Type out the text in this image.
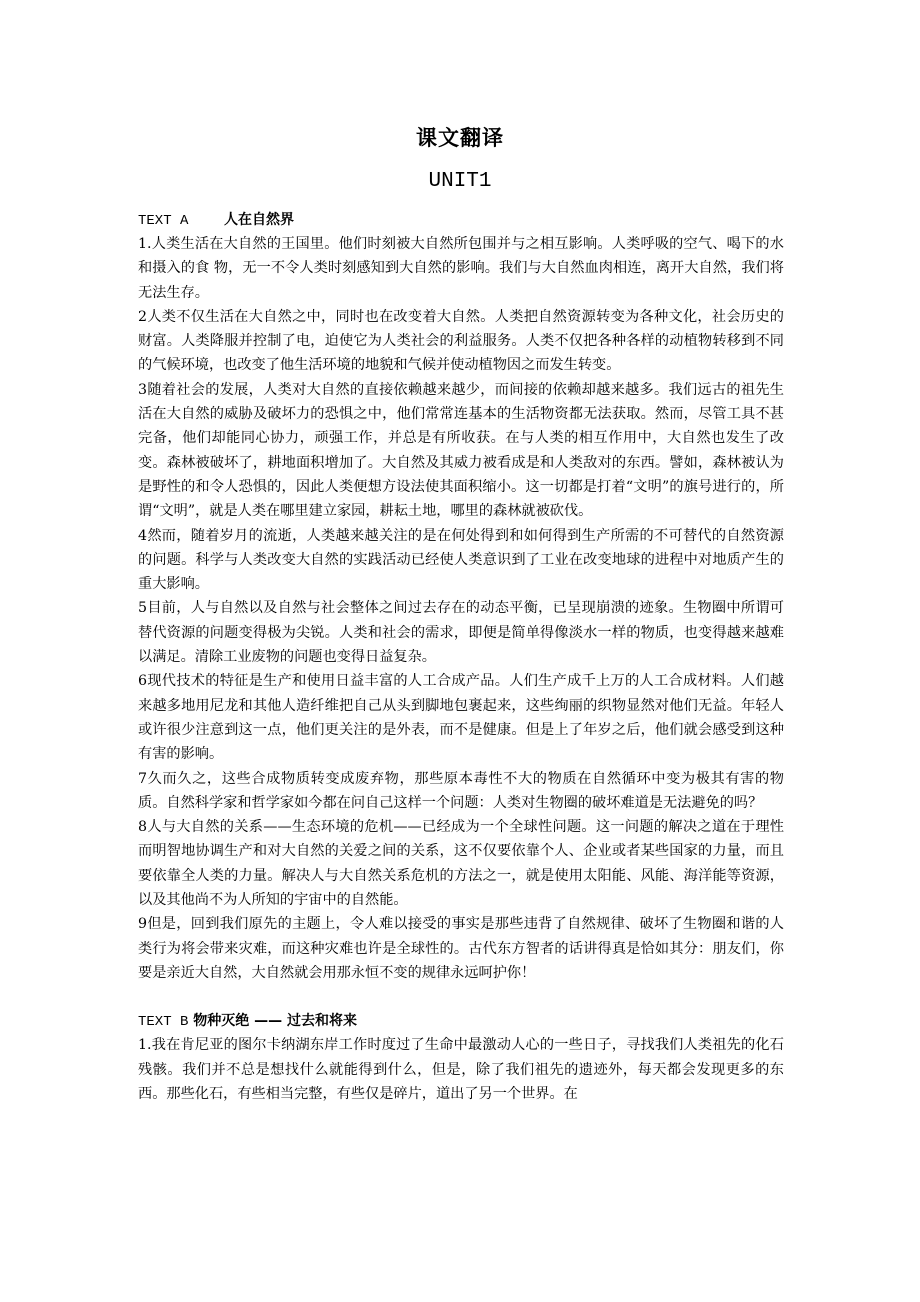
课文翻译
UNIT1
TEXT A	人在自然界

1.人类生活在大自然的王国里。他们时刻被大自然所包围并与之相互影响。人类呼吸的空气、喝下的水和摄入的食 物，无一不令人类时刻感知到大自然的影响。我们与大自然血肉相连，离开大自然，我们将无法生存。

2人类不仅生活在大自然之中，同时也在改变着大自然。人类把自然资源转变为各种文化，社会历史的财富。人类降服并控制了电，迫使它为人类社会的利益服务。人类不仅把各种各样的动植物转移到不同的气候环境，也改变了他生活环境的地貌和气候并使动植物因之而发生转变。

3随着社会的发展，人类对大自然的直接依赖越来越少，而间接的依赖却越来越多。我们远古的祖先生活在大自然的威胁及破坏力的恐惧之中，他们常常连基本的生活物资都无法获取。然而，尽管工具不甚完备，他们却能同心协力，顽强工作，并总是有所收获。在与人类的相互作用中，大自然也发生了改变。森林被破坏了，耕地面积增加了。大自然及其威力被看成是和人类敌对的东西。譬如，森林被认为是野性的和令人恐惧的，因此人类便想方设法使其面积缩小。这一切都是打着“文明”的旗号进行的，所谓“文明”，就是人类在哪里建立家园，耕耘土地，哪里的森林就被砍伐。

4然而，随着岁月的流逝，人类越来越关注的是在何处得到和如何得到生产所需的不可替代的自然资源的问题。科学与人类改变大自然的实践活动已经使人类意识到了工业在改变地球的进程中对地质产生的重大影响。

5目前，人与自然以及自然与社会整体之间过去存在的动态平衡，已呈现崩溃的迹象。生物圈中所谓可替代资源的问题变得极为尖锐。人类和社会的需求，即便是简单得像淡水一样的物质，也变得越来越难以满足。清除工业废物的问题也变得日益复杂。

6现代技术的特征是生产和使用日益丰富的人工合成产品。人们生产成千上万的人工合成材料。人们越来越多地用尼龙和其他人造纤维把自己从头到脚地包裹起来，这些绚丽的织物显然对他们无益。年轻人或许很少注意到这一点，他们更关注的是外表，而不是健康。但是上了年岁之后，他们就会感受到这种有害的影响。

7久而久之，这些合成物质转变成废弃物，那些原本毒性不大的物质在自然循环中变为极其有害的物质。自然科学家和哲学家如今都在问自己这样一个问题：人类对生物圈的破坏难道是无法避免的吗？

8人与大自然的关系——生态环境的危机——已经成为一个全球性问题。这一问题的解决之道在于理性而明智地协调生产和对大自然的关爱之间的关系，这不仅要依靠个人、企业或者某些国家的力量，而且要依靠全人类的力量。解决人与大自然关系危机的方法之一，就是使用太阳能、风能、海洋能等资源，以及其他尚不为人所知的宇宙中的自然能。

9但是，回到我们原先的主题上，令人难以接受的事实是那些违背了自然规律、破坏了生物圈和谐的人类行为将会带来灾难，而这种灾难也许是全球性的。古代东方智者的话讲得真是恰如其分：朋友们，你要是亲近大自然，大自然就会用那永恒不变的规律永远呵护你！

TEXT B 物种灭绝 —— 过去和将来

1.我在肯尼亚的图尔卡纳湖东岸工作时度过了生命中最激动人心的一些日子，寻找我们人类祖先的化石残骸。我们并不总是想找什么就能得到什么，但是，除了我们祖先的遗迹外，每天都会发现更多的东西。那些化石，有些相当完整，有些仅是碎片，道出了另一个世界。在
